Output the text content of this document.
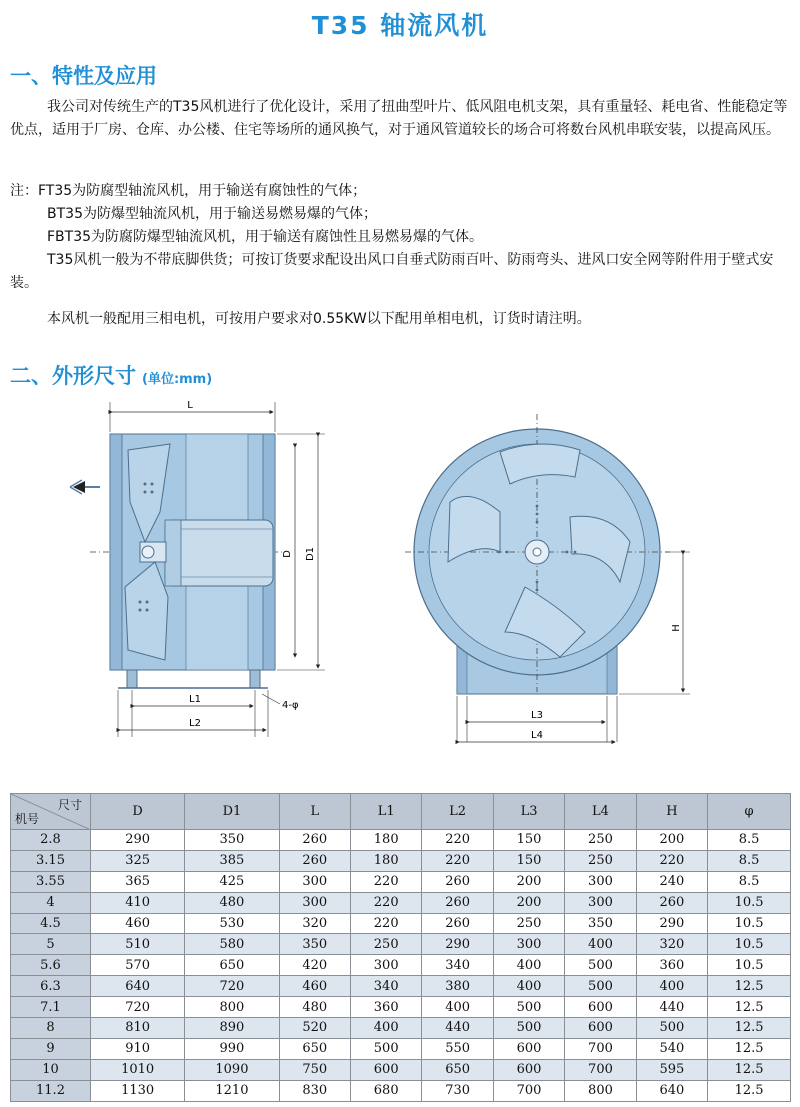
T35 轴流风机
一、特性及应用
我公司对传统生产的T35风机进行了优化设计，采用了扭曲型叶片、低风阻电机支架，具有重量轻、耗电省、性能稳定等优点，适用于厂房、仓库、办公楼、住宅等场所的通风换气，对于通风管道较长的场合可将数台风机串联安装，以提高风压。
注：FT35为防腐型轴流风机，用于输送有腐蚀性的气体；
BT35为防爆型轴流风机，用于输送易燃易爆的气体；
FBT35为防腐防爆型轴流风机，用于输送有腐蚀性且易燃易爆的气体。
T35风机一般为不带底脚供货；可按订货要求配设出风口自垂式防雨百叶、防雨弯头、进风口安全网等附件用于壁式安装。
本风机一般配用三相电机，可按用户要求对0.55KW以下配用单相电机，订货时请注明。
二、外形尺寸 (单位:mm)
L
D D1
L1
L2
4-φ
H
L3
L4
尺寸
机号	D	D1	L	L1	L2	L3	L4	H	φ
2.8	290	350	260	180	220	150	250	200	8.5
3.15	325	385	260	180	220	150	250	220	8.5
3.55	365	425	300	220	260	200	300	240	8.5
4	410	480	300	220	260	200	300	260	10.5
4.5	460	530	320	220	260	250	350	290	10.5
5	510	580	350	250	290	300	400	320	10.5
5.6	570	650	420	300	340	400	500	360	10.5
6.3	640	720	460	340	380	400	500	400	12.5
7.1	720	800	480	360	400	500	600	440	12.5
8	810	890	520	400	440	500	600	500	12.5
9	910	990	650	500	550	600	700	540	12.5
10	1010	1090	750	600	650	600	700	595	12.5
11.2	1130	1210	830	680	730	700	800	640	12.5
